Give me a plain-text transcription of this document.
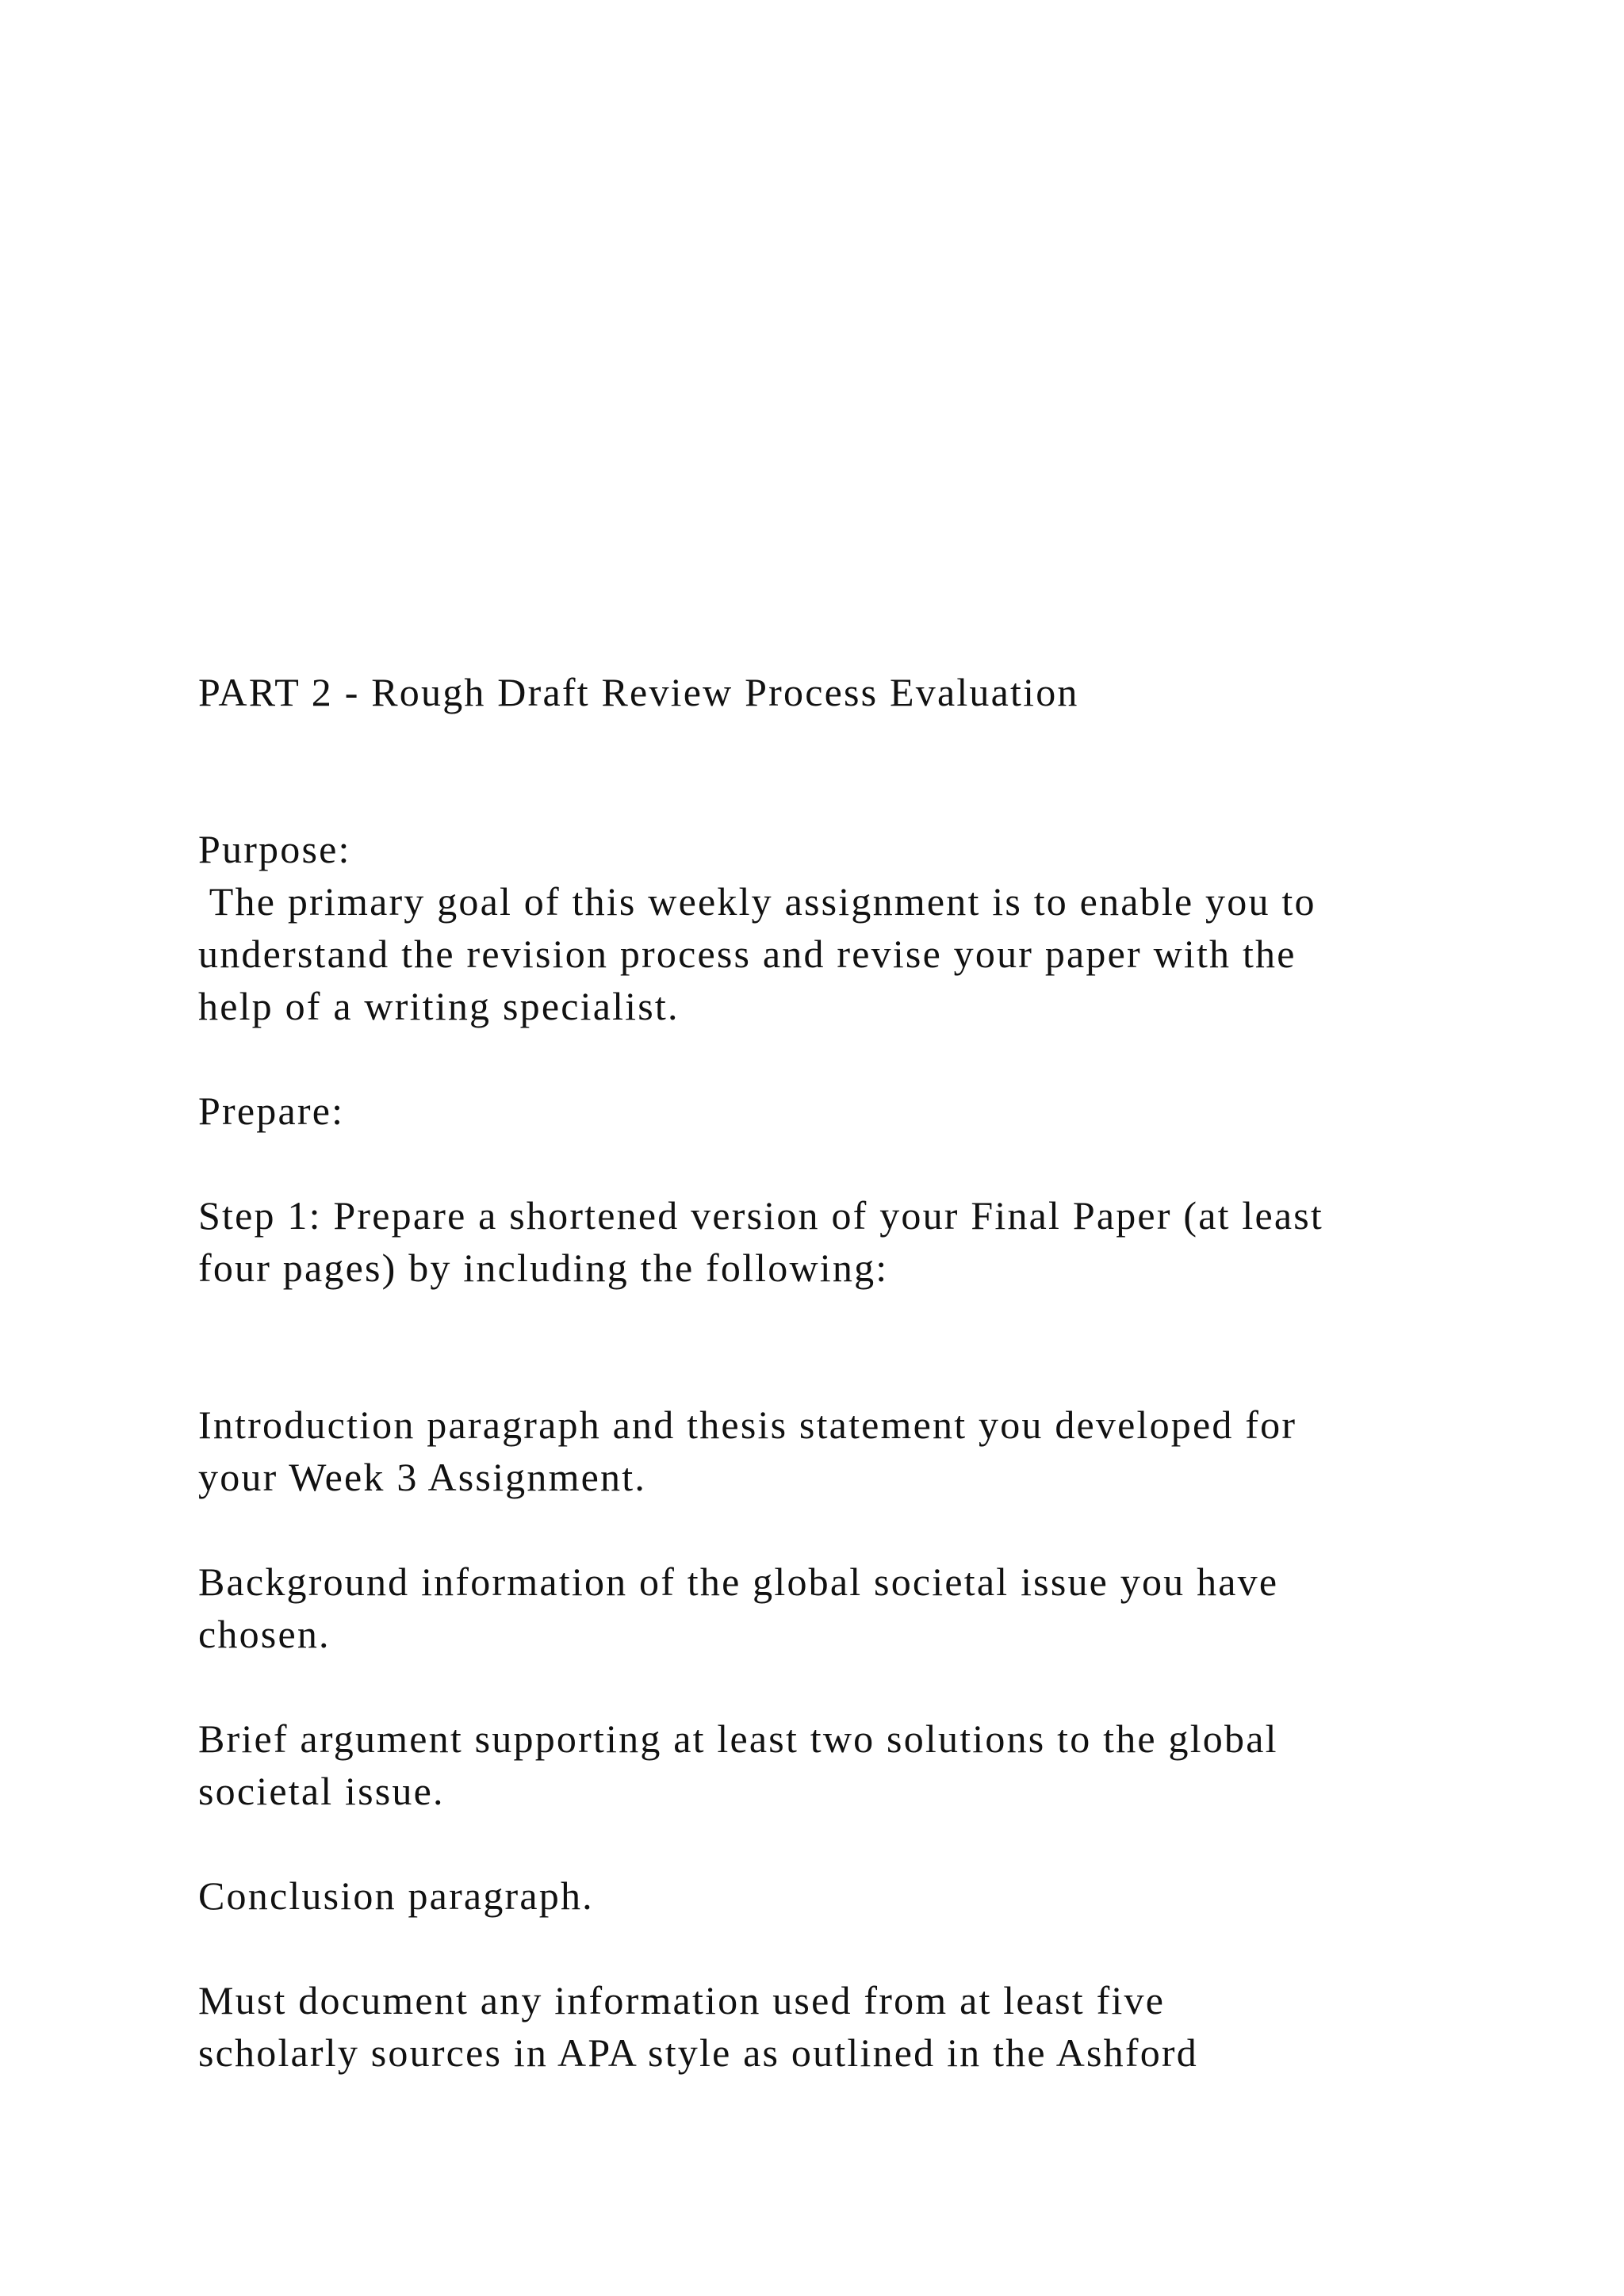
PART 2 - Rough Draft Review Process Evaluation

Purpose:

The primary goal of this weekly assignment is to enable you to

understand the revision process and revise your paper with the

help of a writing specialist.

Prepare:

Step 1: Prepare a shortened version of your Final Paper (at least

four pages) by including the following:

Introduction paragraph and thesis statement you developed for

your Week 3 Assignment.

Background information of the global societal issue you have

chosen.

Brief argument supporting at least two solutions to the global

societal issue.

Conclusion paragraph.

Must document any information used from at least five

scholarly sources in APA style as outlined in the Ashford
